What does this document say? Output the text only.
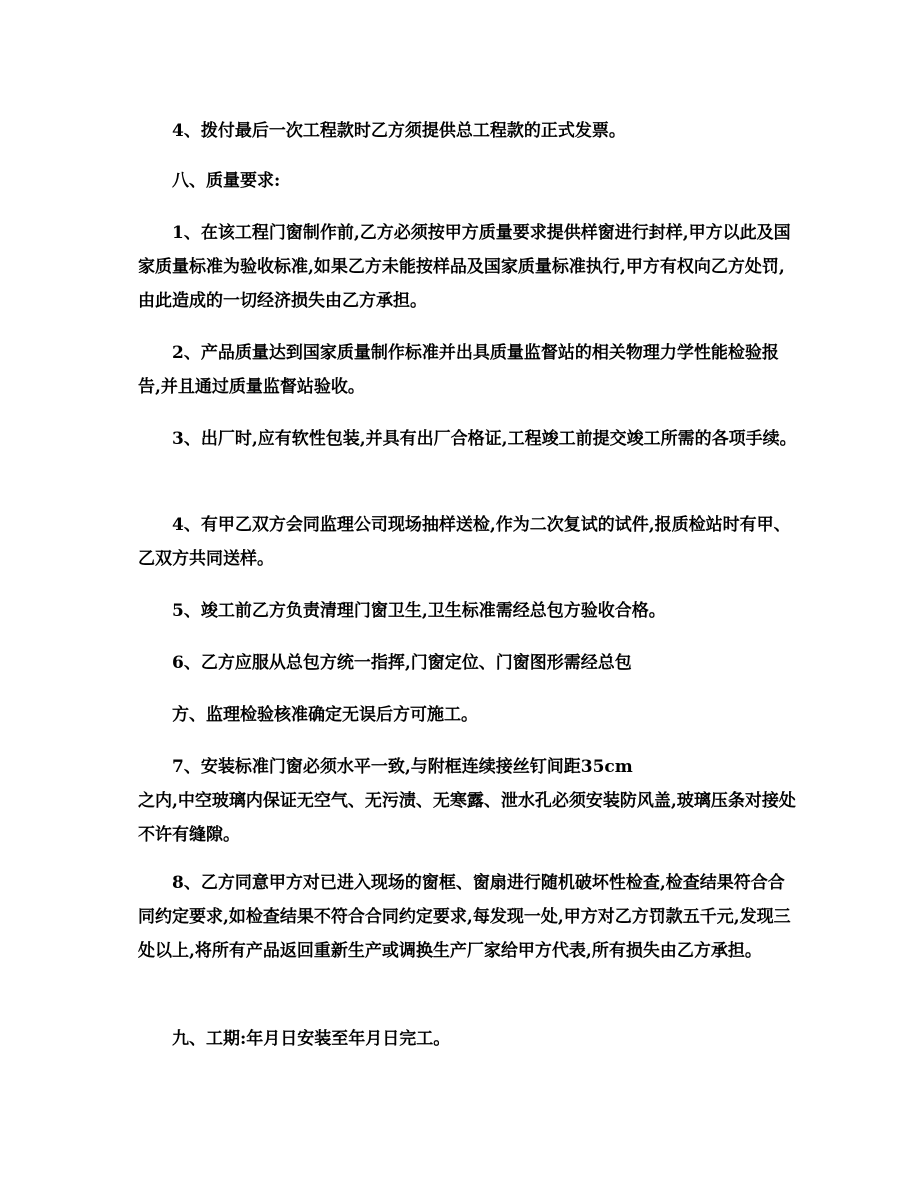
4、拨付最后一次工程款时乙方须提供总工程款的正式发票。

八、质量要求:

1、在该工程门窗制作前,乙方必须按甲方质量要求提供样窗进行封样,甲方以此及国家质量标准为验收标准,如果乙方未能按样品及国家质量标准执行,甲方有权向乙方处罚,由此造成的一切经济损失由乙方承担。

2、产品质量达到国家质量制作标准并出具质量监督站的相关物理力学性能检验报告,并且通过质量监督站验收。

3、出厂时,应有软性包装,并具有出厂合格证,工程竣工前提交竣工所需的各项手续。

4、有甲乙双方会同监理公司现场抽样送检,作为二次复试的试件,报质检站时有甲、乙双方共同送样。

5、竣工前乙方负责清理门窗卫生,卫生标准需经总包方验收合格。

6、乙方应服从总包方统一指挥,门窗定位、门窗图形需经总包

方、监理检验核准确定无误后方可施工。

7、安装标准门窗必须水平一致,与附框连续接丝钉间距35cm

之内,中空玻璃内保证无空气、无污渍、无寒露、泄水孔必须安装防风盖,玻璃压条对接处不许有缝隙。

8、乙方同意甲方对已进入现场的窗框、窗扇进行随机破坏性检查,检查结果符合合同约定要求,如检查结果不符合合同约定要求,每发现一处,甲方对乙方罚款五千元,发现三处以上,将所有产品返回重新生产或调换生产厂家给甲方代表,所有损失由乙方承担。

九、工期:年月日安装至年月日完工。
